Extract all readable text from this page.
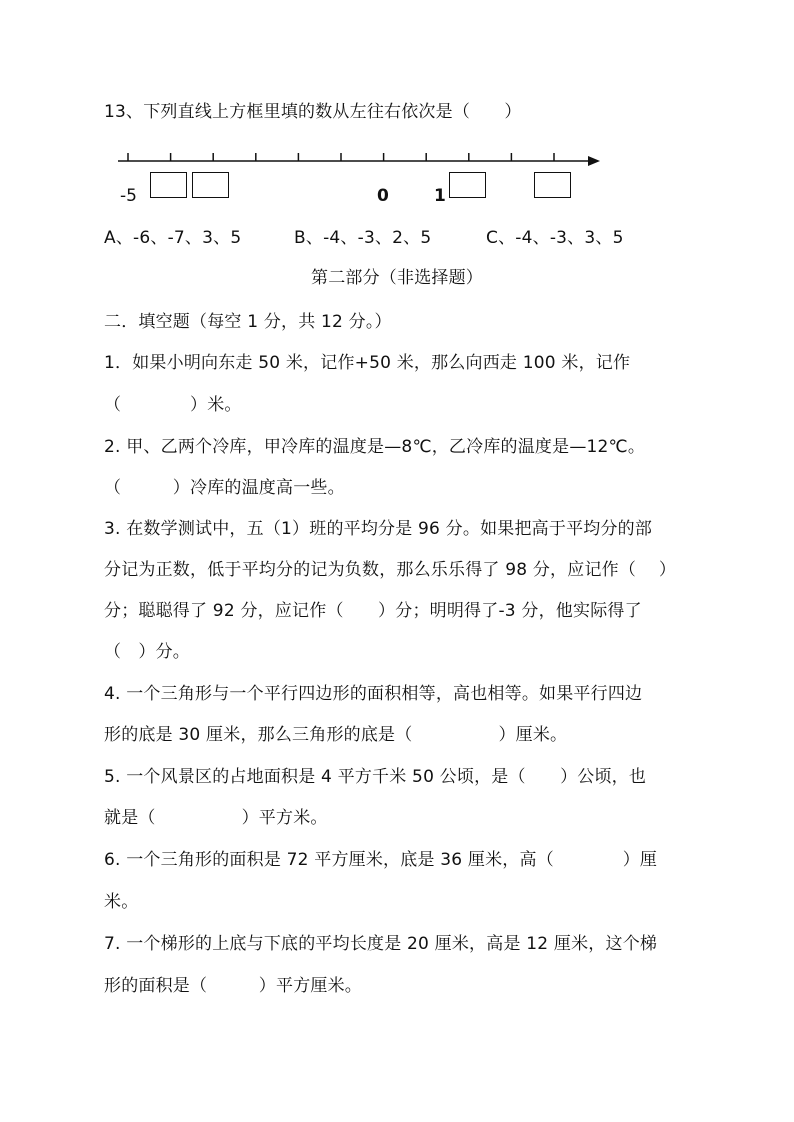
13、下列直线上方框里填的数从左往右依次是（　　）
-5	0	1
A、-6、-7、3、5	B、-4、-3、2、5	C、-4、-3、3、5
第二部分（非选择题）
二．填空题（每空 1 分，共 12 分。）
1．如果小明向东走 50 米，记作+50 米，那么向西走 100 米，记作
（　　　　）米。
2. 甲、乙两个冷库，甲冷库的温度是—8℃，乙冷库的温度是—12℃。
（　　　）冷库的温度高一些。
3. 在数学测试中，五（1）班的平均分是 96 分。如果把高于平均分的部
分记为正数，低于平均分的记为负数，那么乐乐得了 98 分，应记作（　 ）
分；聪聪得了 92 分，应记作（　　）分；明明得了-3 分，他实际得了
（　）分。
4. 一个三角形与一个平行四边形的面积相等，高也相等。如果平行四边
形的底是 30 厘米，那么三角形的底是（　　　　　）厘米。
5. 一个风景区的占地面积是 4 平方千米 50 公顷，是（　　）公顷，也
就是（　　　　　）平方米。
6. 一个三角形的面积是 72 平方厘米，底是 36 厘米，高（　　　　）厘
米。
7. 一个梯形的上底与下底的平均长度是 20 厘米，高是 12 厘米，这个梯
形的面积是（　　　）平方厘米。
